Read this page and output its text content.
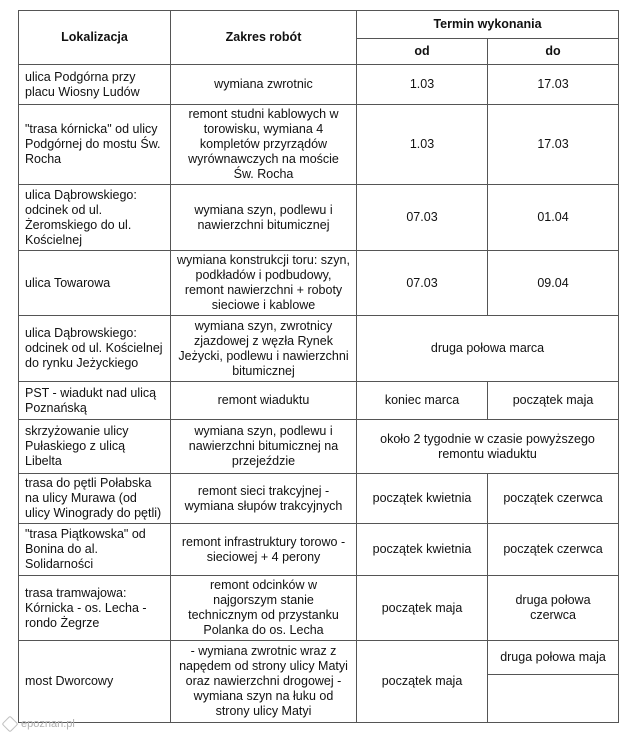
Lokalizacja	Zakres robót	Termin wykonania	
		od	do
ulica Podgórna przy placu Wiosny Ludów	wymiana zwrotnic	1.03	17.03
"trasa kórnicka" od ulicy Podgórnej do mostu Św. Rocha	remont studni kablowych w torowisku, wymiana 4 kompletów przyrządów wyrównawczych na moście Św. Rocha	1.03	17.03
ulica Dąbrowskiego: odcinek od ul. Żeromskiego do ul. Kościelnej	wymiana szyn, podlewu i nawierzchni bitumicznej	07.03	01.04
ulica Towarowa	wymiana konstrukcji toru: szyn, podkładów i podbudowy, remont nawierzchni + roboty sieciowe i kablowe	07.03	09.04
ulica Dąbrowskiego: odcinek od ul. Kościelnej do rynku Jeżyckiego	wymiana szyn, zwrotnicy zjazdowej z węzła Rynek Jeżycki, podlewu i nawierzchni bitumicznej	druga połowa marca	
PST - wiadukt nad ulicą Poznańską	remont wiaduktu	koniec marca	początek maja
skrzyżowanie ulicy Pułaskiego z ulicą Libelta	wymiana szyn, podlewu i nawierzchni bitumicznej na przejeździe	około 2 tygodnie w czasie powyższego remontu wiaduktu	
trasa do pętli Połabska na ulicy Murawa (od ulicy Winogrady do pętli)	remont sieci trakcyjnej - wymiana słupów trakcyjnych	początek kwietnia	początek czerwca
"trasa Piątkowska" od Bonina do al. Solidarności	remont infrastruktury torowo - sieciowej + 4 perony	początek kwietnia	początek czerwca
trasa tramwajowa: Kórnicka - os. Lecha - rondo Żegrze	remont odcinków w najgorszym stanie technicznym od przystanku Polanka do os. Lecha	początek maja	druga połowa czerwca
most Dworcowy	- wymiana zwrotnic wraz z napędem od strony ulicy Matyi oraz nawierzchni drogowej - wymiana szyn na łuku od strony ulicy Matyi	początek maja	druga połowa maja

epoznan.pl
